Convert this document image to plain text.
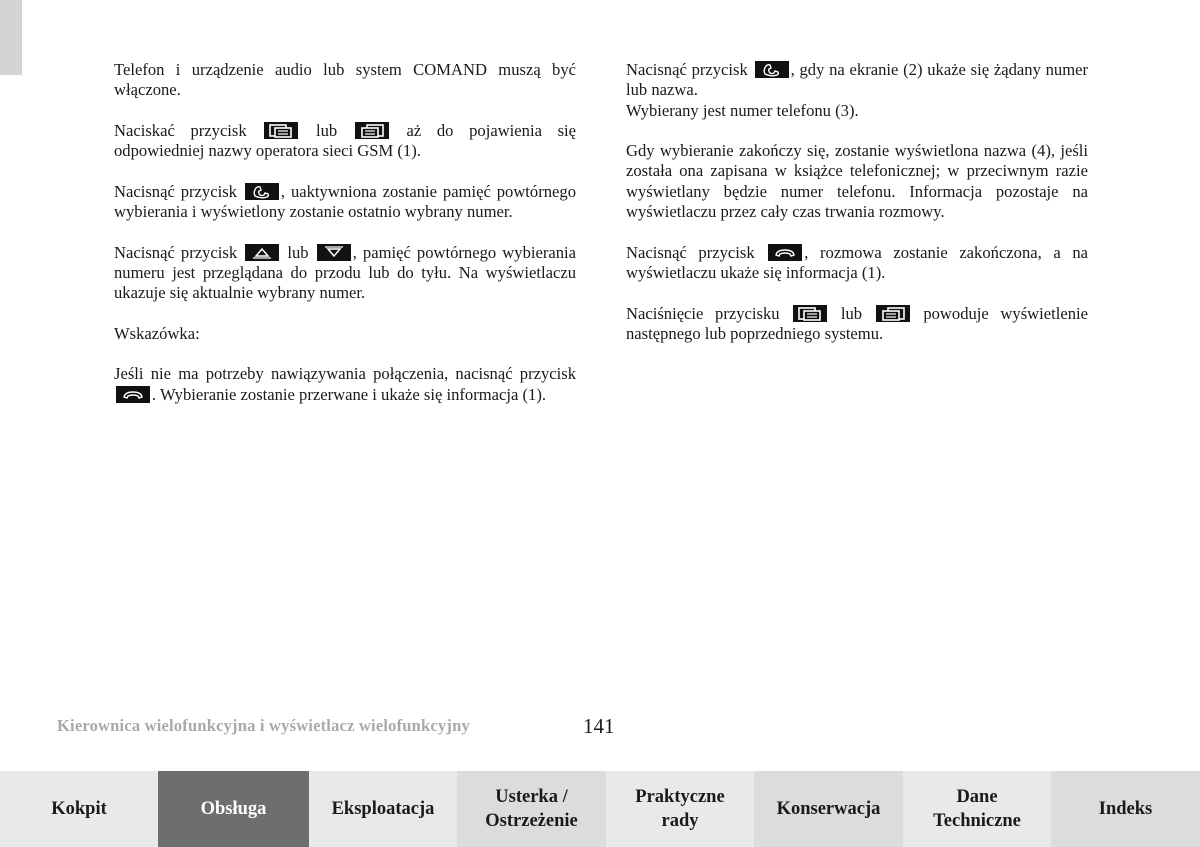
Telefon i urządzenie audio lub system COMAND muszą być włączone.

Naciskać przycisk	lub	aż do pojawienia się odpowiedniej nazwy operatora sieci GSM (1).

Nacisnąć przycisk	, uaktywniona zostanie pamięć powtórnego wybierania i wyświetlony zostanie ostatnio wybrany numer.

Nacisnąć przycisk	lub	, pamięć powtórnego wybierania numeru jest przeglądana do przodu lub do tyłu. Na wyświetlaczu ukazuje się aktualnie wybrany numer.

Wskazówka:

Jeśli nie ma potrzeby nawiązywania połączenia, nacisnąć przycisk
. Wybieranie zostanie przerwane i ukaże się informacja (1).

Nacisnąć przycisk	, gdy na ekranie (2) ukaże się żądany numer lub nazwa.
Wybierany jest numer telefonu (3).

Gdy wybieranie zakończy się, zostanie wyświetlona nazwa (4), jeśli została ona zapisana w książce telefonicznej; w przeciwnym razie wyświetlany będzie numer telefonu. Informacja pozostaje na wyświetlaczu przez cały czas trwania rozmowy.

Nacisnąć przycisk	, rozmowa zostanie zakończona, a na wyświetlaczu ukaże się informacja (1).

Naciśnięcie przycisku	lub	powoduje wyświetlenie następnego lub poprzedniego systemu.

Kierownica wielofunkcyjna i wyświetlacz wielofunkcyjny	141
Kokpit	Obsługa	Eksploatacja
Usterka /
Ostrzeżenie
Praktyczne
rady
Konserwacja
Dane
Techniczne
Indeks
